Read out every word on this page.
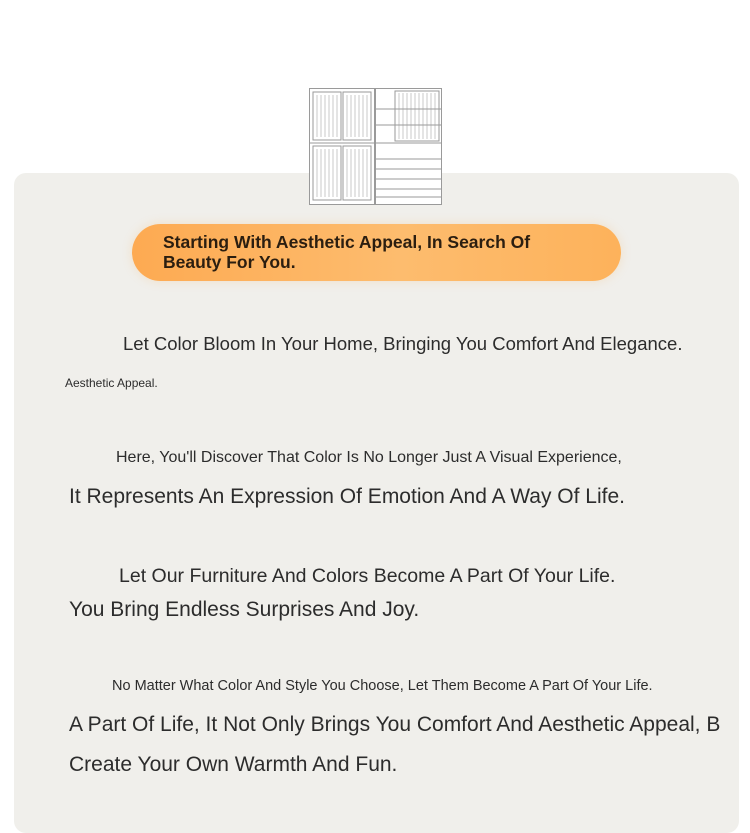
Starting With Aesthetic Appeal, In Search Of Beauty For You.
Let Color Bloom In Your Home, Bringing You Comfort And Elegance.
Aesthetic Appeal.
Here, You'll Discover That Color Is No Longer Just A Visual Experience,
It Represents An Expression Of Emotion And A Way Of Life.
Let Our Furniture And Colors Become A Part Of Your Life.
You Bring Endless Surprises And Joy.
No Matter What Color And Style You Choose, Let Them Become A Part Of Your Life.
A Part Of Life, It Not Only Brings You Comfort And Aesthetic Appeal, B
Create Your Own Warmth And Fun.
